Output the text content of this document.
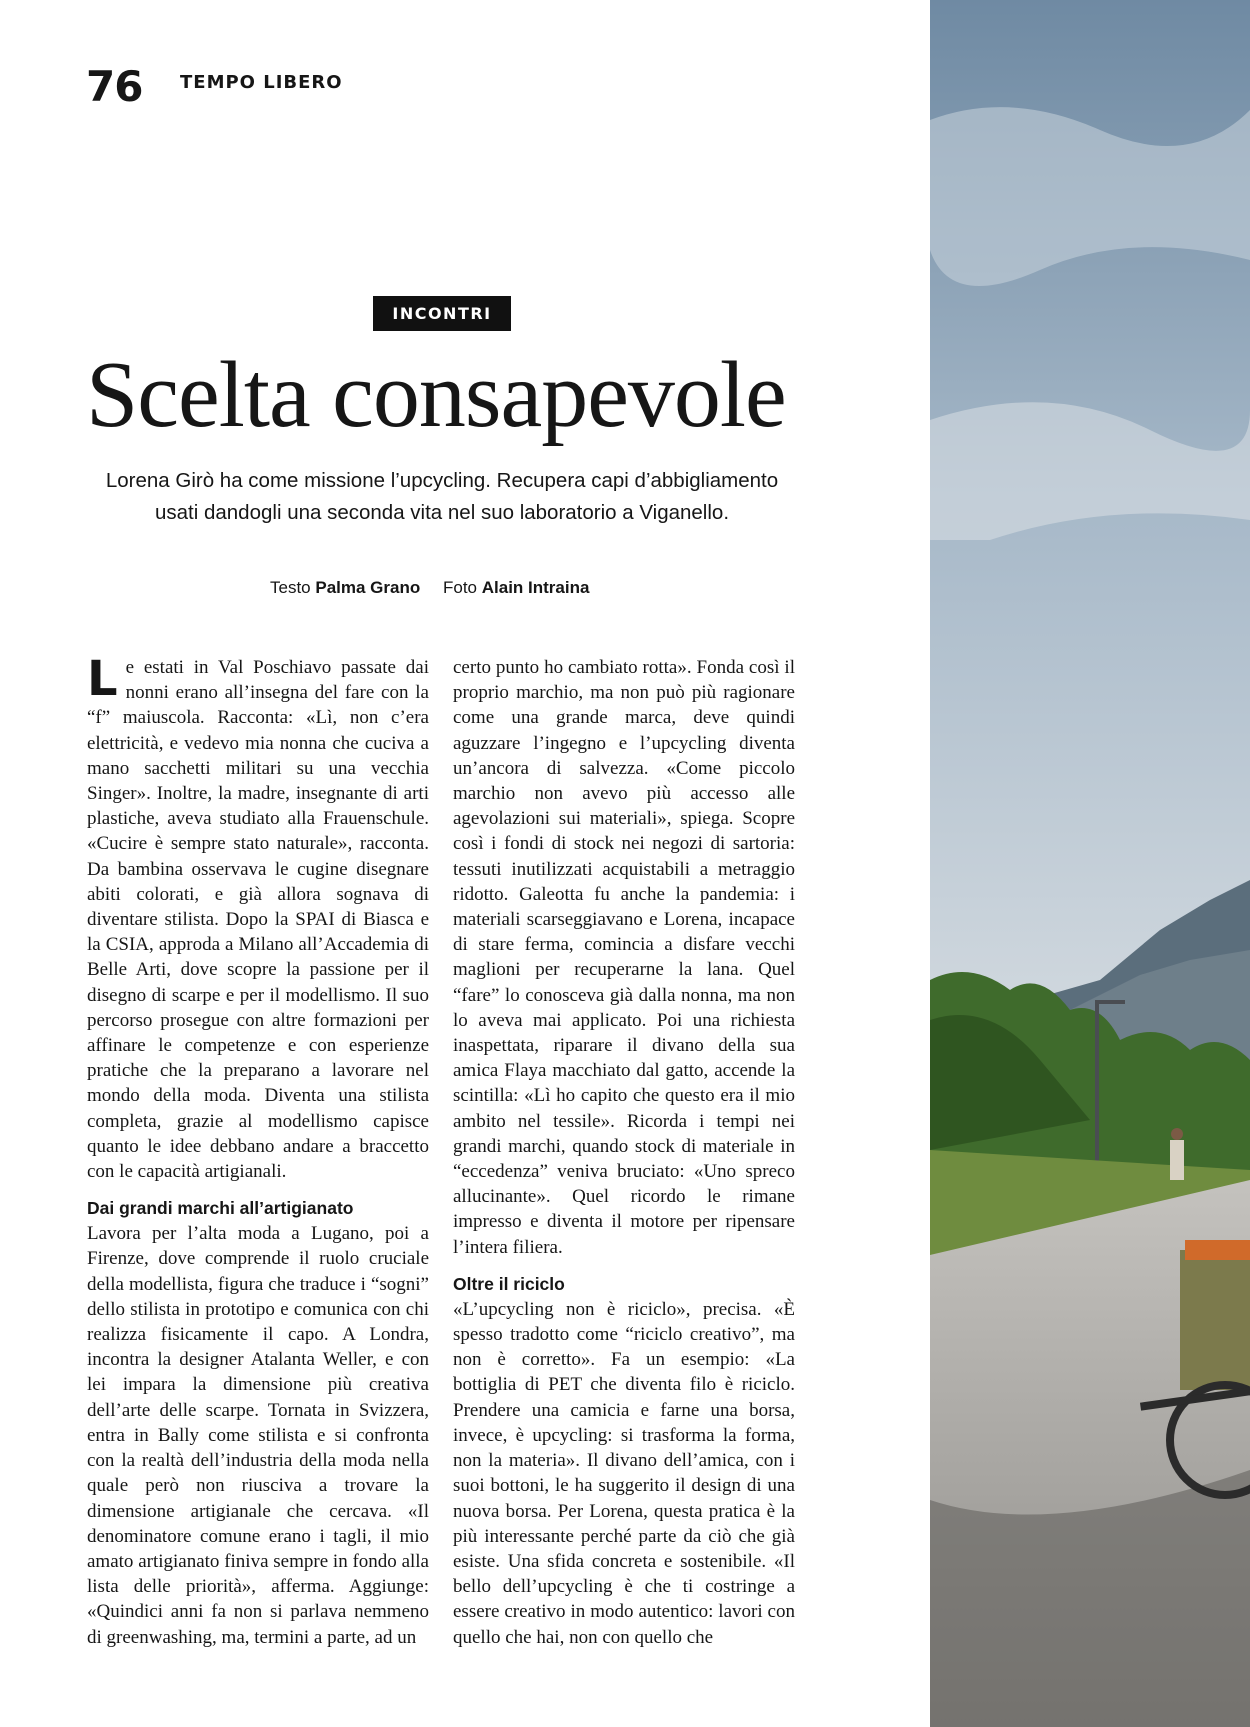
76 TEMPO LIBERO
INCONTRI
Scelta consapevole

Lorena Girò ha come missione l’upcycling. Recupera capi d’abbigliamento usati dandogli una seconda vita nel suo laboratorio a Viganello.

Testo Palma Grano Foto Alain Intraina

Le estati in Val Poschiavo passate dai nonni erano all’insegna del fare con la “f” maiuscola. Racconta: «Lì, non c’era elettricità, e vedevo mia nonna che cuciva a mano sacchetti militari su una vecchia Singer». Inoltre, la madre, insegnante di arti plastiche, aveva studiato alla Frauenschule. «Cucire è sempre stato naturale», racconta. Da bambina osservava le cugine disegnare abiti colorati, e già allora sognava di diventare stilista. Dopo la SPAI di Biasca e la CSIA, approda a Milano all’Accademia di Belle Arti, dove scopre la passione per il disegno di scarpe e per il modellismo. Il suo percorso prosegue con altre formazioni per affinare le competenze e con esperienze pratiche che la preparano a lavorare nel mondo della moda. Diventa una stilista completa, grazie al modellismo capisce quanto le idee debbano andare a braccetto con le capacità artigianali.

Dai grandi marchi all’artigianato

Lavora per l’alta moda a Lugano, poi a Firenze, dove comprende il ruolo cruciale della modellista, figura che traduce i “sogni” dello stilista in prototipo e comunica con chi realizza fisicamente il capo. A Londra, incontra la designer Atalanta Weller, e con lei impara la dimensione più creativa dell’arte delle scarpe. Tornata in Svizzera, entra in Bally come stilista e si confronta con la realtà dell’industria della moda nella quale però non riusciva a trovare la dimensione artigianale che cercava. «Il denominatore comune erano i tagli, il mio amato artigianato finiva sempre in fondo alla lista delle priorità», afferma. Aggiunge: «Quindici anni fa non si parlava nemmeno di greenwashing, ma, termini a parte, ad un

certo punto ho cambiato rotta». Fonda così il proprio marchio, ma non può più ragionare come una grande marca, deve quindi aguzzare l’ingegno e l’upcycling diventa un’ancora di salvezza. «Come piccolo marchio non avevo più accesso alle agevolazioni sui materiali», spiega. Scopre così i fondi di stock nei negozi di sartoria: tessuti inutilizzati acquistabili a metraggio ridotto. Galeotta fu anche la pandemia: i materiali scarseggiavano e Lorena, incapace di stare ferma, comincia a disfare vecchi maglioni per recuperarne la lana. Quel “fare” lo conosceva già dalla nonna, ma non lo aveva mai applicato. Poi una richiesta inaspettata, riparare il divano della sua amica Flaya macchiato dal gatto, accende la scintilla: «Lì ho capito che questo era il mio ambito nel tessile». Ricorda i tempi nei grandi marchi, quando stock di materiale in “eccedenza” veniva bruciato: «Uno spreco allucinante». Quel ricordo le rimane impresso e diventa il motore per ripensare l’intera filiera.

Oltre il riciclo

«L’upcycling non è riciclo», precisa. «È spesso tradotto come “riciclo creativo”, ma non è corretto». Fa un esempio: «La bottiglia di PET che diventa filo è riciclo. Prendere una camicia e farne una borsa, invece, è upcycling: si trasforma la forma, non la materia». Il divano dell’amica, con i suoi bottoni, le ha suggerito il design di una nuova borsa. Per Lorena, questa pratica è la più interessante perché parte da ciò che già esiste. Una sfida concreta e sostenibile. «Il bello dell’upcycling è che ti costringe a essere creativo in modo autentico: lavori con quello che hai, non con quello che
